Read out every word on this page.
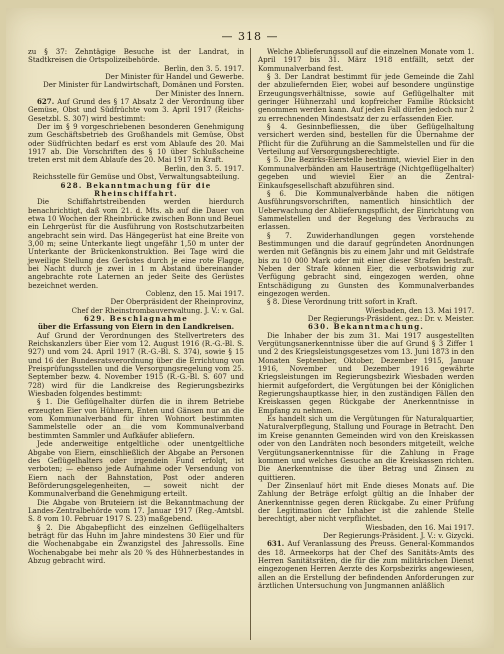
— 318 —

zu § 37: Zehntägige Besuche ist der Landrat, in Stadtkreisen die Ortspolizeibehörde.

Berlin, den 3. 5. 1917.

Der Minister für Handel und Gewerbe.

Der Minister für Landwirtschaft, Domänen und Forsten.

Der Minister des Innern.

627. Auf Grund des § 17 Absatz 2 der Verordnung über Gemüse, Obst und Südfrüchte vom 3. April 1917 (Reichs-Gesetzbl. S. 307) wird bestimmt:

Der im § 9 vorgeschriebenen besonderen Genehmigung zum Geschäftsbetrieb des Großhandels mit Gemüse, Obst oder Südfrüchten bedarf es erst vom Ablaufe des 20. Mai 1917 ab. Die Vorschriften des § 10 über Schlußscheine treten erst mit dem Ablaufe des 20. Mai 1917 in Kraft.

Berlin, den 3. 5. 1917.

Reichsstelle für Gemüse und Obst, Verwaltungsabteilung.

628. Bekanntmachung für die Rheinschiffahrt.

Die Schiffahrtstreibenden werden hierdurch benachrichtigt, daß vom 21. d. Mts. ab auf die Dauer von etwa 10 Wochen der Rheinbrücke zwischen Bonn und Beuel ein Lehrgerüst für die Ausführung von Rostschutzarbeiten angebracht sein wird. Das Hängegerüst hat eine Breite von 3,00 m; seine Unterkante liegt ungefähr 1,50 m unter der Unterkante der Brückenkonstruktion. Bei Tage wird die jeweilige Stellung des Gerüstes durch je eine rote Flagge, bei Nacht durch je zwei in 1 m Abstand übereinander angebrachte rote Laternen an jeder Seite des Gerüstes bezeichnet werden.

Coblenz, den 15. Mai 1917.

Der Oberpräsident der Rheinprovinz,

Chef der Rheinstrombauverwaltung. J. V.: v. Gal.

629. Beschlagnahme

über die Erfassung von Eiern in den Landkreisen.

Auf Grund der Verordnungen des Stellvertreters des Reichskanzlers über Eier vom 12. August 1916 (R.-G.-Bl. S. 927) und vom 24. April 1917 (R.-G.-Bl. S. 374), sowie § 15 und 16 der Bundesratsverordnung über die Errichtung von Preisprüfungsstellen und die Versorgungsregelung vom 25. September bezw. 4. November 1915 (R.-G.-Bl. S. 607 und 728) wird für die Landkreise des Regierungsbezirks Wiesbaden folgendes bestimmt:

§ 1. Die Geflügelhalter dürfen die in ihrem Betriebe erzeugten Eier von Hühnern, Enten und Gänsen nur an die vom Kommunalverband für ihren Wohnort bestimmten Sammelstelle oder an die vom Kommunalverband bestimmten Sammler und Aufkäufer abliefern.

Jede anderweitige entgeltliche oder unentgeltliche Abgabe von Eiern, einschließlich der Abgabe an Personen des Geflügelhalters oder irgendein Fund erfolgt, ist verboten; — ebenso jede Aufnahme oder Versendung von Eiern nach der Bahnstation, Post oder anderen Beförderungsgelegenheiten, — soweit nicht der Kommunalverband die Genehmigung erteilt.

Die Abgabe von Bruteiern ist die Bekanntmachung der Landes-Zentralbehörde vom 17. Januar 1917 (Reg.-Amtsbl. S. 8 vom 10. Februar 1917 S. 23) maßgebend.

§ 2. Die Abgabepflicht des einzelnen Geflügelhalters beträgt für das Huhn im Jahre mindestens 30 Eier und für die Wochenabgabe ein Zwanzigstel des Jahressolls. Eine Wochenabgabe bei mehr als 20 % des Hühnerbestandes in Abzug gebracht wird.

Welche Ablieferungssoll auf die einzelnen Monate vom 1. April 1917 bis 31. März 1918 entfällt, setzt der Kommunalverband fest.

§ 3. Der Landrat bestimmt für jede Gemeinde die Zahl der abzuliefernden Eier, wobei auf besondere ungünstige Erzeugungsverhältnisse, sowie auf Geflügelhalter mit geringer Hühnerzahl und kopfreicher Familie Rücksicht genommen werden kann. Auf jeden Fall dürfen jedoch nur 2 zu errechnenden Mindestsatz der zu erfassenden Eier.

§ 4. Gesinnbefliessen, die über Geflügelhaltung versichert werden sind, bestellen für die Übernahme der Pflicht für die Zuführung an die Sammelstellen und für die Verteilung auf Versorgungsberechtigte.

§ 5. Die Bezirks-Eierstelle bestimmt, wieviel Eier in den Kommunalverbänden am Hauserträge (Nichtgeflügelhalter) gegeben und wieviel Eier an die Zentral-Einkaufsgesellschaft abzuführen sind.

§ 6. Die Kommunalverbände haben die nötigen Ausführungsvorschriften, namentlich hinsichtlich der Ueberwachung der Ablieferungspflicht, der Einrichtung von Sammelstellen und der Regelung des Verbrauchs zu erlassen.

§ 7. Zuwiderhandlungen gegen vorstehende Bestimmungen und die darauf gegründeten Anordnungen werden mit Gefängnis bis zu einem Jahr und mit Geldstrafe bis zu 10 000 Mark oder mit einer dieser Strafen bestraft. Neben der Strafe können Eier, die verbotswidrig zur Verfügung gebracht sind, eingezogen werden, ohne Entschädigung zu Gunsten des Kommunalverbandes eingezogen werden.

§ 8. Diese Verordnung tritt sofort in Kraft.

Wiesbaden, den 13. Mai 1917.

Der Regierungs-Präsident. gez.: Dr. v. Meister.

630. Bekanntmachung.

Die Inhaber der bis zum 31. Mai 1917 ausgestellten Vergütungsanerkenntnisse über die auf Grund § 3 Ziffer 1 und 2 des Kriegsleistungsgesetzes vom 13. Juni 1873 in den Monaten September, Oktober, Dezember 1915, Januar 1916, November und Dezember 1916 gewährte Kriegsleistungen im Regierungsbezirk Wiesbaden werden hiermit aufgefordert, die Vergütungen bei der Königlichen Regierungshauptkasse hier, in den zuständigen Fällen den Kreiskassen gegen Rückgabe der Anerkenntnisse in Empfang zu nehmen.

Es handelt sich um die Vergütungen für Naturalquartier, Naturalverpflegung, Stallung und Fourage in Betracht. Den im Kreise genannten Gemeinden wird von den Kreiskassen oder von den Landräten noch besonders mitgeteilt, welche Vergütungsanerkenntnisse für die Zahlung in Frage kommen und welches Gesuche an die Kreiskassen richten. Die Anerkenntnisse die über Betrag und Zinsen zu quittieren.

Der Zinsenlauf hört mit Ende dieses Monats auf. Die Zahlung der Beträge erfolgt gültig an die Inhaber der Anerkenntnisse gegen deren Rückgabe. Zu einer Prüfung der Legitimation der Inhaber ist die zahlende Stelle berechtigt, aber nicht verpflichtet.

Wiesbaden, den 16. Mai 1917.

Der Regierungs-Präsident. J. V.: v. Gizycki.

631. Auf Veranlassung des Preuss. General-Kommandos des 18. Armeekorps hat der Chef des Sanitäts-Amts des Herren Sanitätsräten, die für die zum militärischen Dienst eingezogenen Herren Aerzte des Korpsbezirks angewiesen, allen an die Erstellung der befindenden Anforderungen zur ärztlichen Untersuchung von Jungmannen anläßlich
